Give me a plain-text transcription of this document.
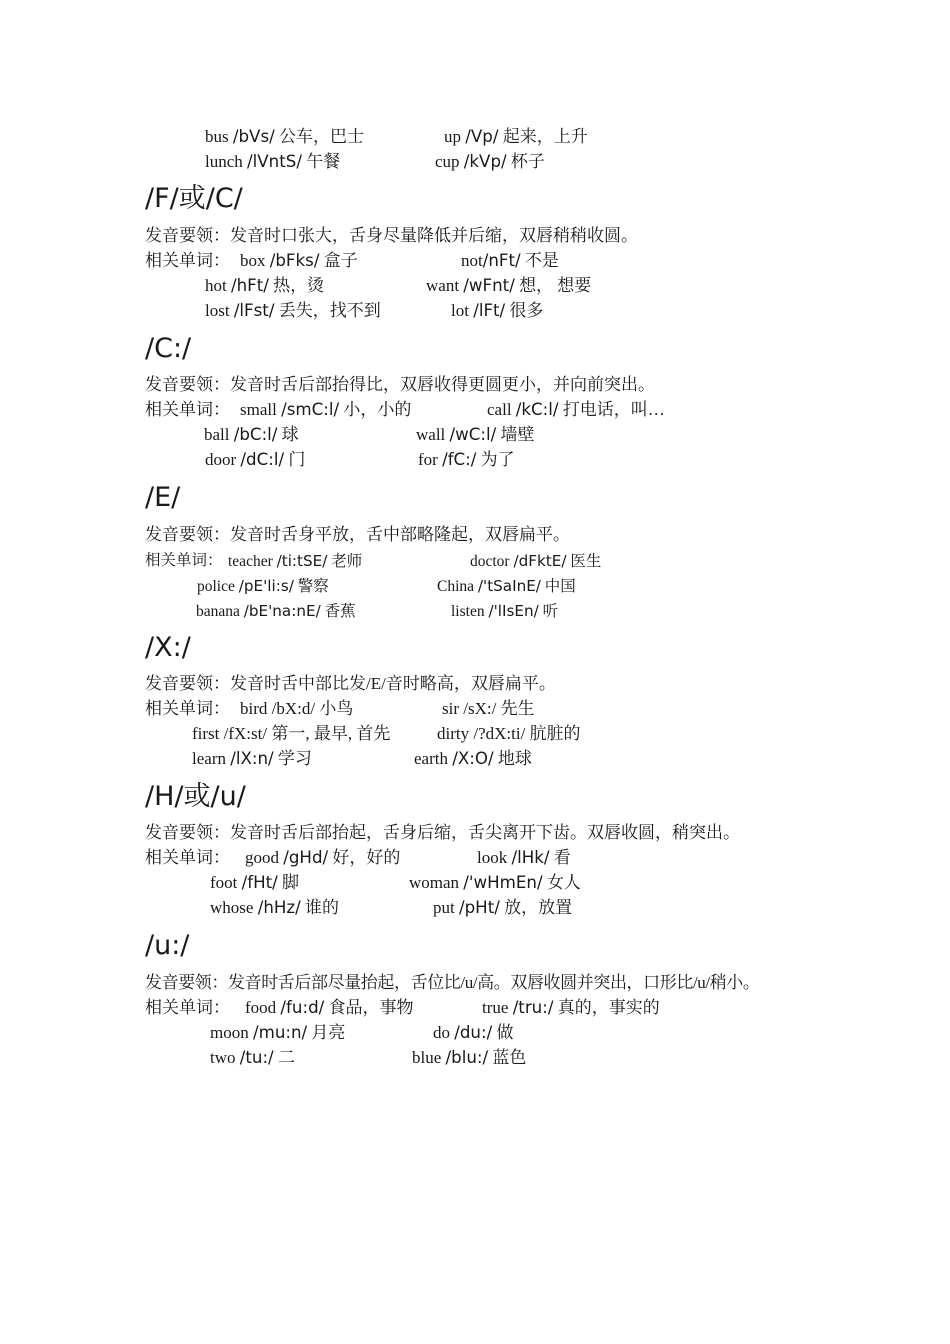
bus /bVs/ 公车，巴士	up /Vp/ 起来，上升
lunch /lVntS/ 午餐	cup /kVp/ 杯子
/F/或/C/
发音要领：发音时口张大，舌身尽量降低并后缩，双唇稍稍收圆。
相关单词： box /bFks/ 盒子	not/nFt/ 不是
hot /hFt/ 热，烫	want /wFnt/ 想， 想要
lost /lFst/ 丢失，找不到	lot /lFt/ 很多
/C:/
发音要领：发音时舌后部抬得比，双唇收得更圆更小，并向前突出。
相关单词： small /smC:l/ 小，小的	call /kC:l/ 打电话，叫…
ball /bC:l/ 球	wall /wC:l/ 墙壁
door /dC:l/ 门	for /fC:/ 为了
/E/
发音要领：发音时舌身平放，舌中部略隆起，双唇扁平。
相关单词： teacher /ti:tSE/ 老师	doctor /dFktE/ 医生
police /pE'li:s/ 警察	China /'tSaInE/ 中国
banana /bE'na:nE/ 香蕉	listen /'lIsEn/ 听
/X:/
发音要领：发音时舌中部比发/E/音时略高，双唇扁平。
相关单词： bird /bX:d/ 小鸟	sir /sX:/ 先生
first /fX:st/ 第一, 最早, 首先	dirty /?dX:ti/ 肮脏的
learn /lX:n/ 学习	earth /X:O/ 地球
/H/或/u/
发音要领：发音时舌后部抬起，舌身后缩，舌尖离开下齿。双唇收圆，稍突出。
相关单词： good /gHd/ 好，好的	look /lHk/ 看
foot /fHt/ 脚	woman /'wHmEn/ 女人
whose /hHz/ 谁的	put /pHt/ 放，放置
/u:/
发音要领：发音时舌后部尽量抬起，舌位比/u/高。双唇收圆并突出，口形比/u/稍小。
相关单词： food /fu:d/ 食品，事物	true /tru:/ 真的，事实的
moon /mu:n/ 月亮	do /du:/ 做
two /tu:/ 二	blue /blu:/ 蓝色
